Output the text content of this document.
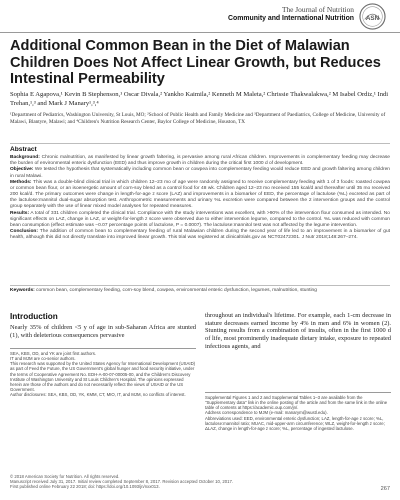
The Journal of Nutrition
Community and International Nutrition ASN
Additional Common Bean in the Diet of Malawian Children Does Not Affect Linear Growth, but Reduces Intestinal Permeability

Sophia E Agapova,¹ Kevin B Stephenson,¹ Oscar Divala,² Yankho Kaimila,² Kenneth M Maleta,² Chrissie Thakwalakwa,² M Isabel Ordiz,¹ Indi Trehan,¹,³ and Mark J Manary¹,³,⁴

¹Department of Pediatrics, Washington University, St Louis, MO; ²School of Public Health and Family Medicine and ³Department of Paediatrics, College of Medicine, University of Malawi, Blantyre, Malawi; and ⁴Children's Nutrition Research Center, Baylor College of Medicine, Houston, TX

Abstract

Background: Chronic malnutrition, as manifested by linear growth faltering, is pervasive among rural African children. Improvements in complementary feeding may decrease the burden of environmental enteric dysfunction (EED) and thus improve growth in children during the critical first 1000 d of development.

Objective: We tested the hypothesis that systematically including common bean or cowpea into complementary feeding would reduce EED and growth faltering among children in rural Malawi.

Methods: This was a double-blind clinical trial in which children 12–23 mo of age were randomly assigned to receive complementary feeding with 1 of 3 foods: roasted cowpea or common bean flour, or an isoenergetic amount of corn-soy blend as a control food for 48 wk. Children aged 12–23 mo received 155 kcal/d and thereafter until 35 mo received 200 kcal/d. The primary outcomes were change in length-for-age z score (LAZ) and improvements in a biomarker of EED, the percentage of lactulose (%L) excreted as part of the lactulose:mannitol dual-sugar absorption test. Anthropometric measurements and urinary %L excretion were compared between the 2 intervention groups and the control group separately with the use of linear mixed model analyses for repeated measures.

Results: A total of 331 children completed the clinical trial. Compliance with the study interventions was excellent, with >90% of the intervention flour consumed as intended. No significant effects on LAZ, change in LAZ, or weight-for-length z score were observed due to either intervention legume, compared to the control. %L was reduced with common bean consumption (effect estimate was −0.07 percentage points of lactulose, P = 0.0007). The lactulose:mannitol test was not affected by the legume intervention.

Conclusion: The addition of common bean to complementary feeding of rural Malawian children during the second year of life led to an improvement in a biomarker of gut health, although this did not directly translate into improved linear growth. This trial was registered at clinicaltrials.gov as NCT02472301. J Nutr 2018;148:267–274.

Keywords: common bean, complementary feeding, corn-soy blend, cowpea, environmental enteric dysfunction, legumes, malnutrition, stunting

Introduction

Nearly 35% of children <5 y of age in sub-Saharan Africa are stunted (1), with deleterious consequences pervasive

throughout an individual's lifetime. For example, each 1-cm decrease in stature decreases earned income by 4% in men and 6% in women (2). Stunting results from a combination of insults, often in the first 1000 d of life, most prominently inadequate dietary intake, exposure to repeated infectious agents, and

SEA, KBS, OD, and YK are joint first authors.

IT and MJM are co-senior authors.

This research was supported by the United States Agency for International Development (USAID) as part of Feed the Future, the US Government's global hunger and food security initiative, under the terms of Cooperative Agreement No. EDH-A-00-07-00005-00, and the Children's Discovery Institute of Washington University and St Louis Children's Hospital. The opinions expressed herein are those of the authors and do not necessarily reflect the views of USAID or the US Government.

Author disclosures: SEA, KBS, OD, YK, KMM, CT, MIO, IT, and MJM, no conflicts of interest.

Supplemental Figures 1 and 2 and Supplemental Tables 1–3 are available from the "Supplementary data" link in the online posting of the article and from the same link in the online table of contents at https://academic.oup.com/jn/.

Address correspondence to MJM (e-mail: manarym@wustl.edu).

Abbreviations used: EED, environmental enteric dysfunction; LAZ, length-for-age z score; %L, lactulose:mannitol ratio; MUAC, mid-upper-arm circumference; WLZ, weight-for-length z score; ΔLAZ, change in length-for-age z score; %L, percentage of ingested lactulose.

© 2018 American Society for Nutrition. All rights reserved.

Manuscript received July 31, 2017. Initial review completed September 8, 2017. Revision accepted October 10, 2017.

First published online February 22 2018; doi: https://doi.org/10.1093/jn/nxx013.	267
